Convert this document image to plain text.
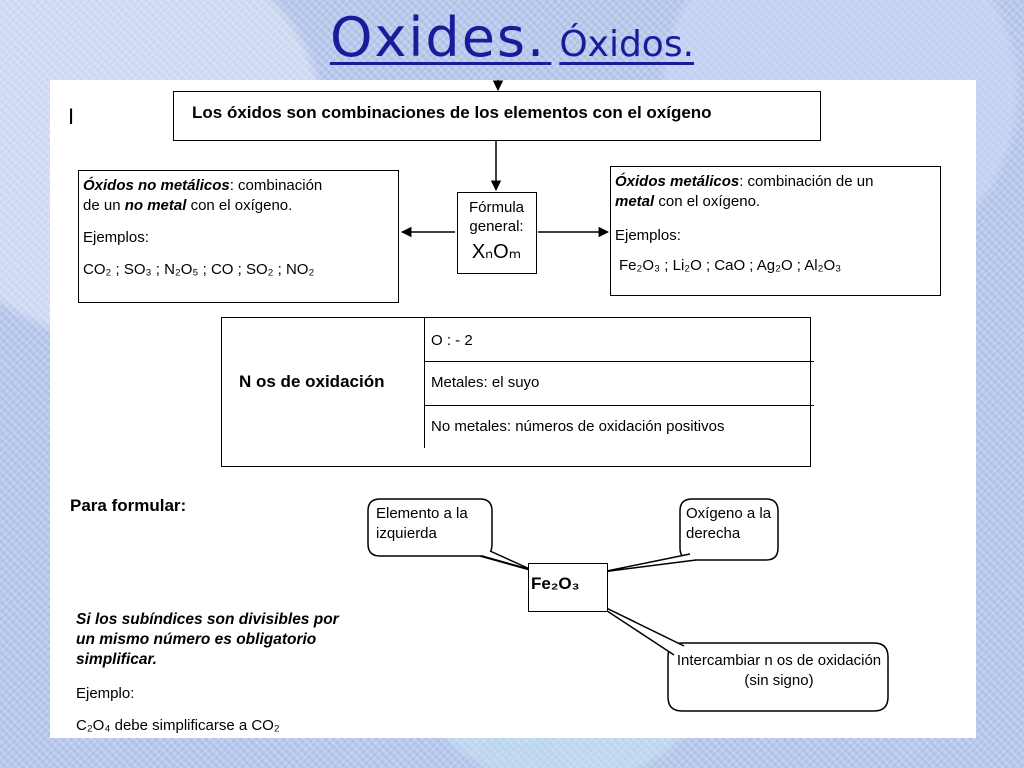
Oxides. Óxidos.
I	Los óxidos son combinaciones de los elementos con el oxígeno
Óxidos no metálicos: combinación
de un no metal con el oxígeno.
Ejemplos:
CO₂ ; SO₃ ; N₂O₅ ; CO ; SO₂ ; NO₂
Fórmula
general:
XₙOₘ
Óxidos metálicos: combinación de un
metal con el oxígeno.
Ejemplos:
Fe₂O₃ ; Li₂O ; CaO ; Ag₂O ; Al₂O₃
N os de oxidación
O : - 2
Metales: el suyo
No metales: números de oxidación positivos
Para formular:	Elemento a la izquierda
Oxígeno a la derecha
Fe₂O₃
Intercambiar n os de oxidación (sin signo)
Si los subíndices son divisibles por un mismo número es obligatorio simplificar.
Ejemplo:
C₂O₄ debe simplificarse a CO₂
